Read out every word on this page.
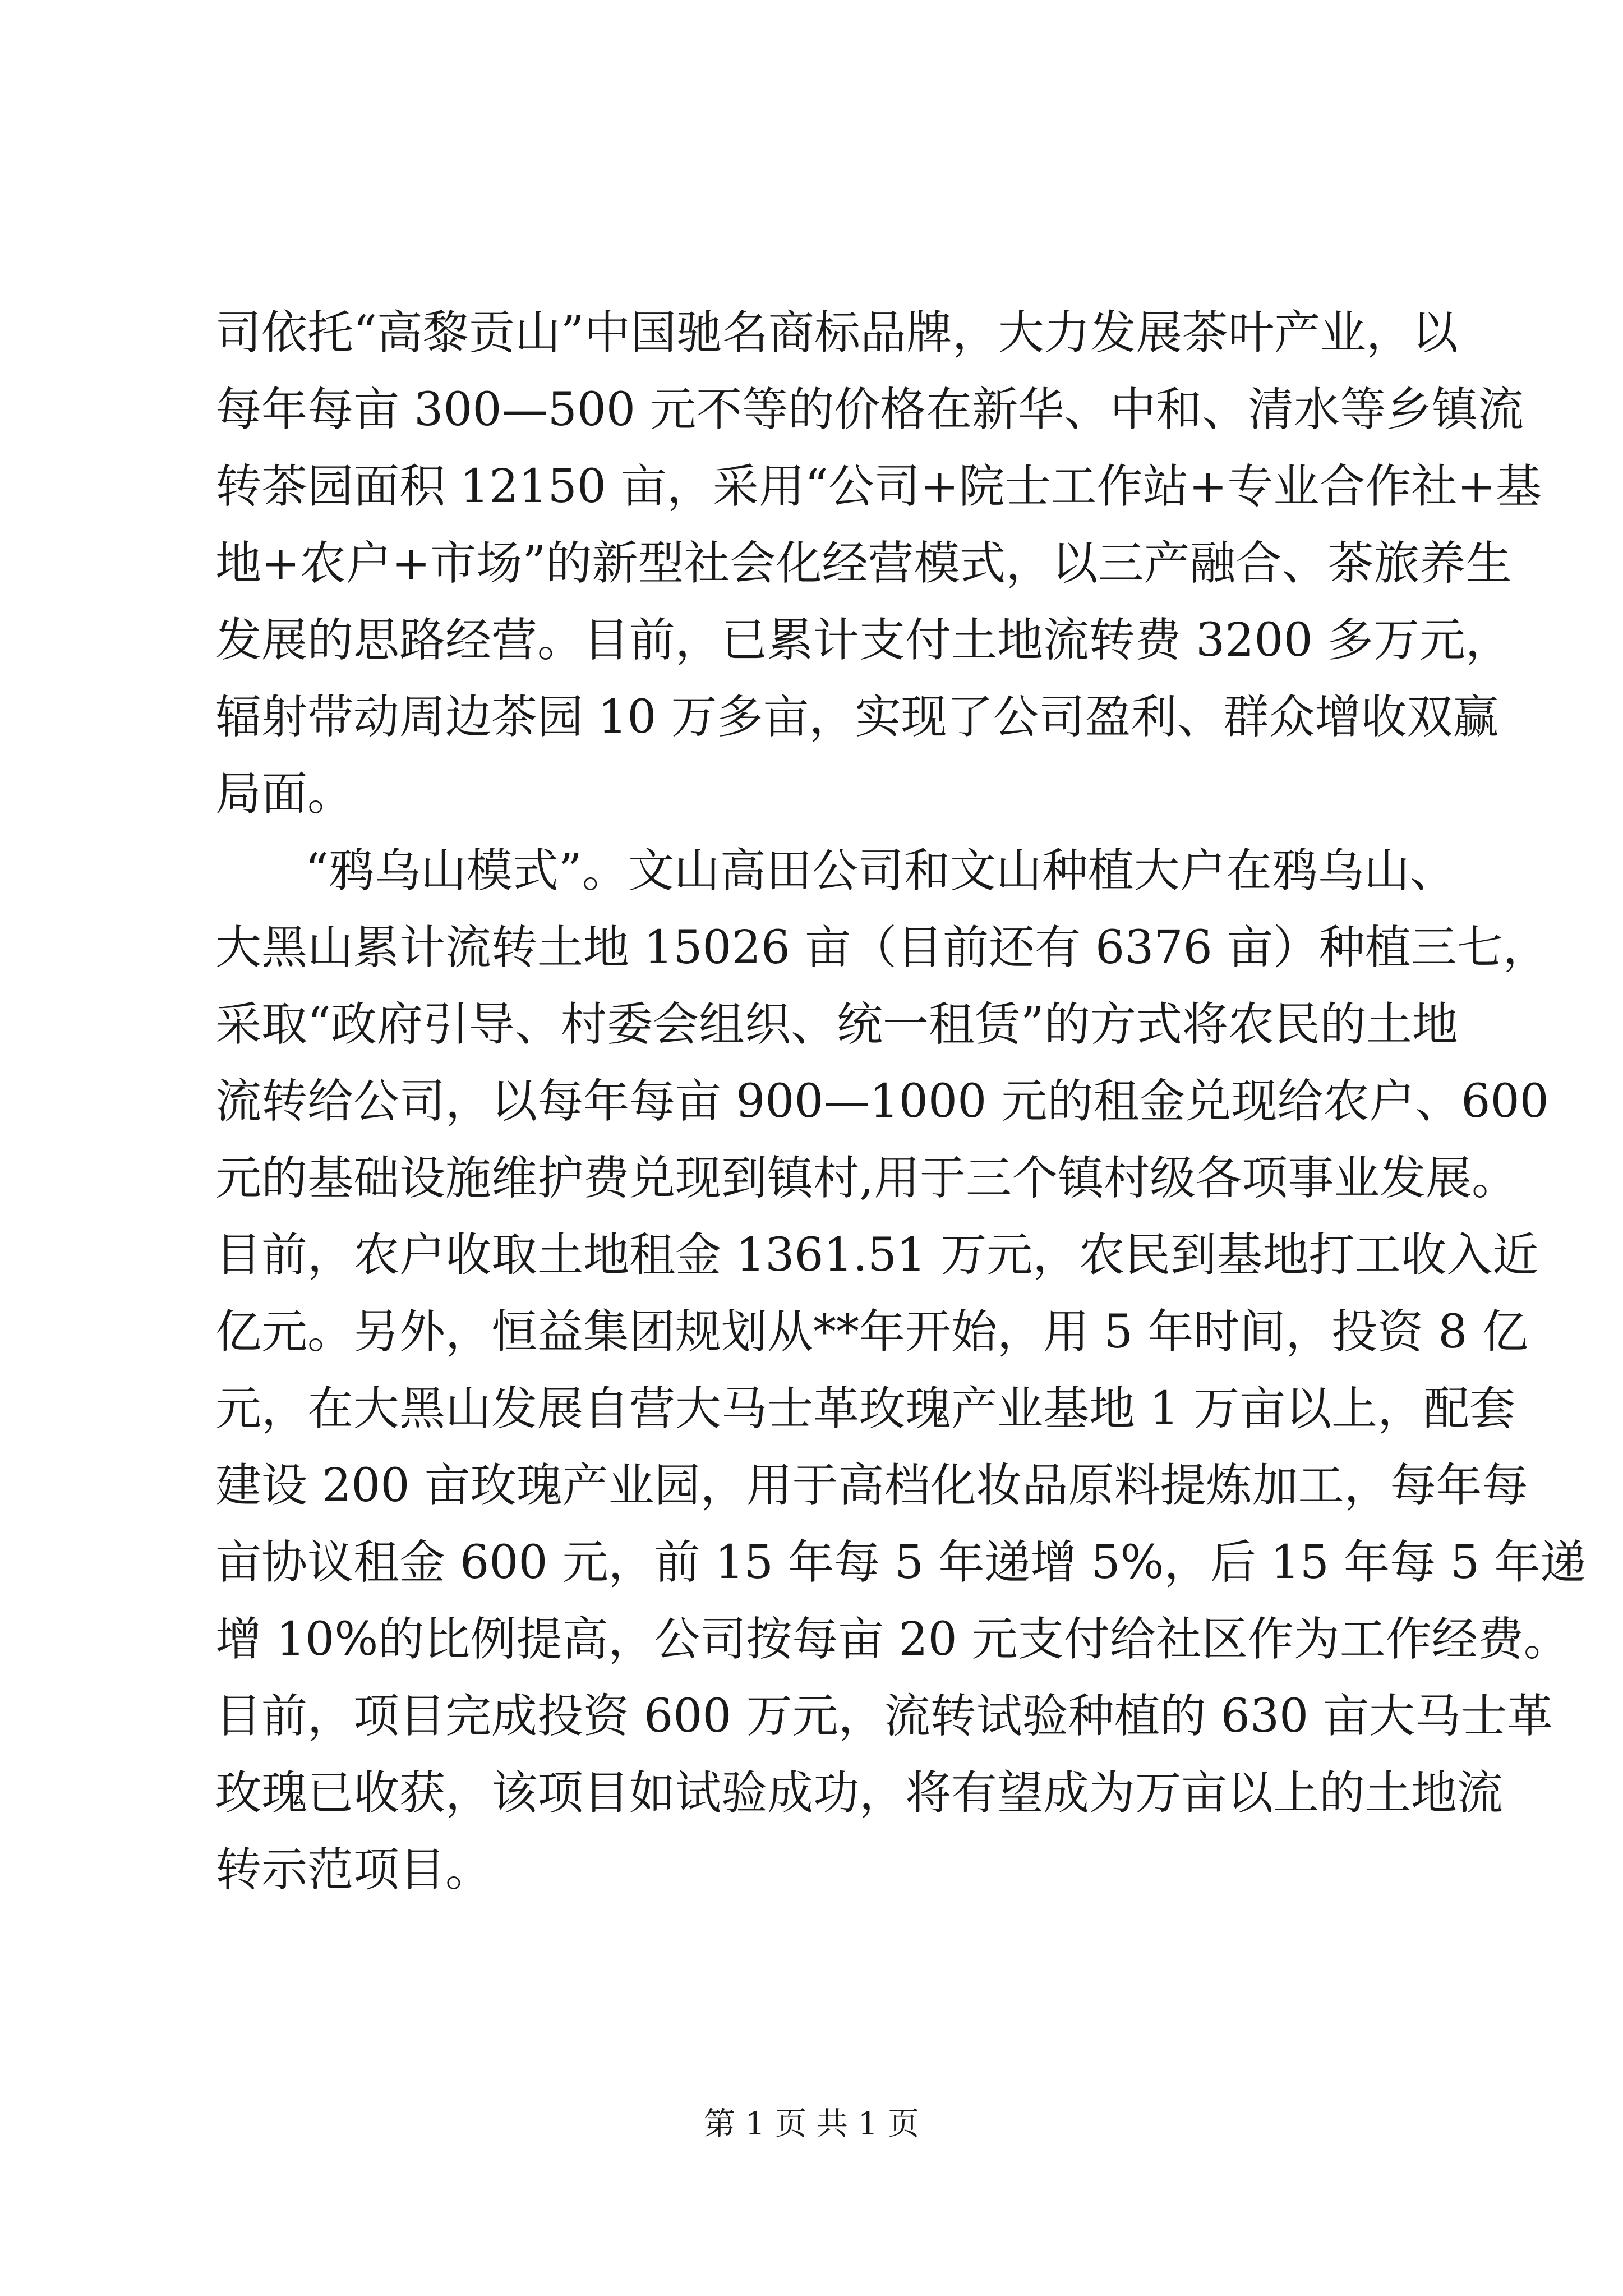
司依托“高黎贡山”中国驰名商标品牌，大力发展茶叶产业，以
每年每亩 300—500 元不等的价格在新华、中和、清水等乡镇流
转茶园面积 12150 亩，采用“公司+院士工作站+专业合作社+基
地+农户+市场”的新型社会化经营模式，以三产融合、茶旅养生
发展的思路经营。目前，已累计支付土地流转费 3200 多万元，
辐射带动周边茶园 10 万多亩，实现了公司盈利、群众增收双赢
局面。
“鸦乌山模式”。文山高田公司和文山种植大户在鸦乌山、
大黑山累计流转土地 15026 亩（目前还有 6376 亩）种植三七，
采取“政府引导、村委会组织、统一租赁”的方式将农民的土地
流转给公司，以每年每亩 900—1000 元的租金兑现给农户、600
元的基础设施维护费兑现到镇村,用于三个镇村级各项事业发展。
目前，农户收取土地租金 1361.51 万元，农民到基地打工收入近
亿元。另外，恒益集团规划从**年开始，用 5 年时间，投资 8 亿
元，在大黑山发展自营大马士革玫瑰产业基地 1 万亩以上，配套
建设 200 亩玫瑰产业园，用于高档化妆品原料提炼加工，每年每
亩协议租金 600 元，前 15 年每 5 年递增 5%，后 15 年每 5 年递
增 10%的比例提高，公司按每亩 20 元支付给社区作为工作经费。
目前，项目完成投资 600 万元，流转试验种植的 630 亩大马士革
玫瑰已收获，该项目如试验成功，将有望成为万亩以上的土地流
转示范项目。
第 1 页 共 1 页
